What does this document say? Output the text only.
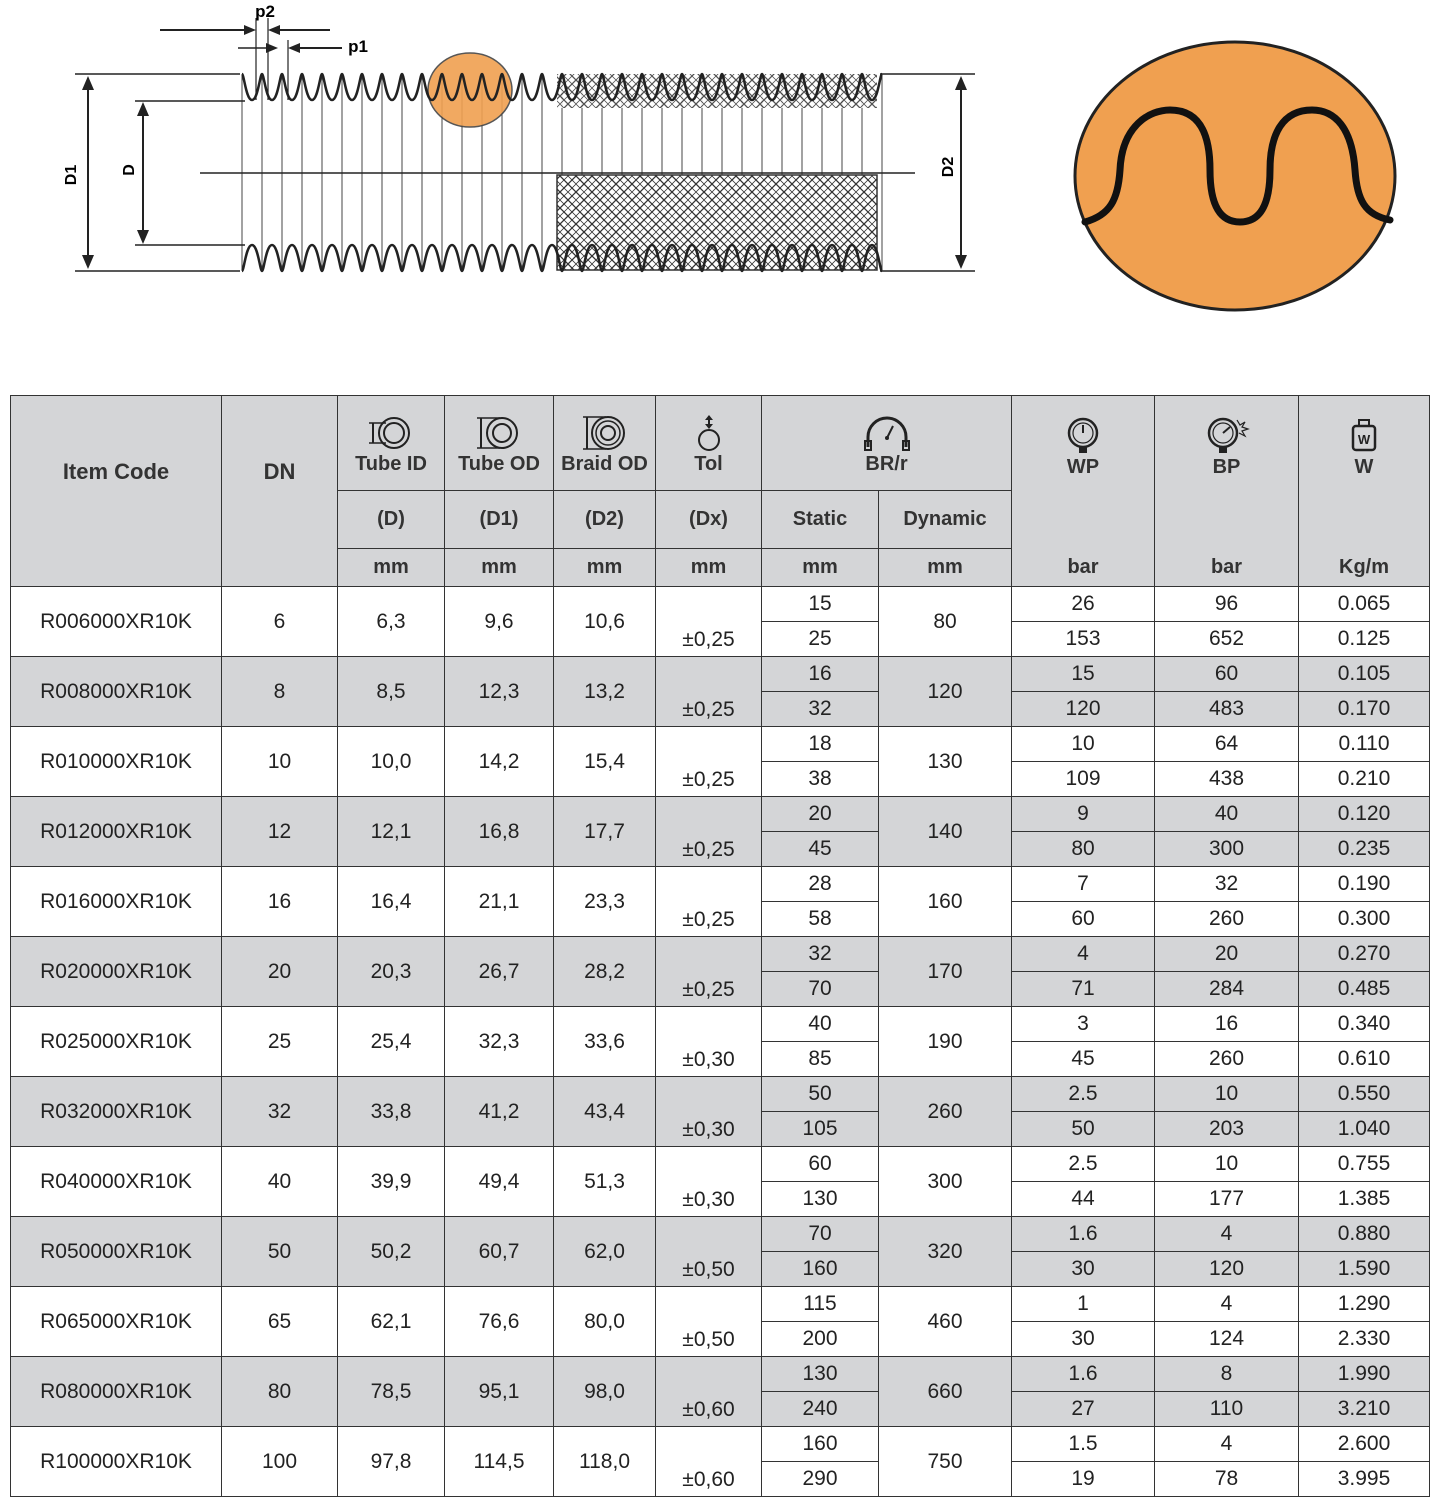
D1	D	D2
p2
p1
Item Code	DN	Tube ID	Tube OD	Braid OD	Tol	BR/r		WP	BP	W
W
		(D)	(D1)	(D2)	(Dx)	Static	Dynamic			
		mm	mm	mm	mm	mm	mm	bar	bar	Kg/m
R006000XR10K	6	6,3	9,6	10,6	±0,25	15	80	26	96	0.065
						25		153	652	0.125
R008000XR10K	8	8,5	12,3	13,2	±0,25	16	120	15	60	0.105
						32		120	483	0.170
R010000XR10K	10	10,0	14,2	15,4	±0,25	18	130	10	64	0.110
						38		109	438	0.210
R012000XR10K	12	12,1	16,8	17,7	±0,25	20	140	9	40	0.120
						45		80	300	0.235
R016000XR10K	16	16,4	21,1	23,3	±0,25	28	160	7	32	0.190
						58		60	260	0.300
R020000XR10K	20	20,3	26,7	28,2	±0,25	32	170	4	20	0.270
						70		71	284	0.485
R025000XR10K	25	25,4	32,3	33,6	±0,30	40	190	3	16	0.340
						85		45	260	0.610
R032000XR10K	32	33,8	41,2	43,4	±0,30	50	260	2.5	10	0.550
						105		50	203	1.040
R040000XR10K	40	39,9	49,4	51,3	±0,30	60	300	2.5	10	0.755
						130		44	177	1.385
R050000XR10K	50	50,2	60,7	62,0	±0,50	70	320	1.6	4	0.880
						160		30	120	1.590
R065000XR10K	65	62,1	76,6	80,0	±0,50	115	460	1	4	1.290
						200		30	124	2.330
R080000XR10K	80	78,5	95,1	98,0	±0,60	130	660	1.6	8	1.990
						240		27	110	3.210
R100000XR10K	100	97,8	114,5	118,0	±0,60	160	750	1.5	4	2.600
						290		19	78	3.995
